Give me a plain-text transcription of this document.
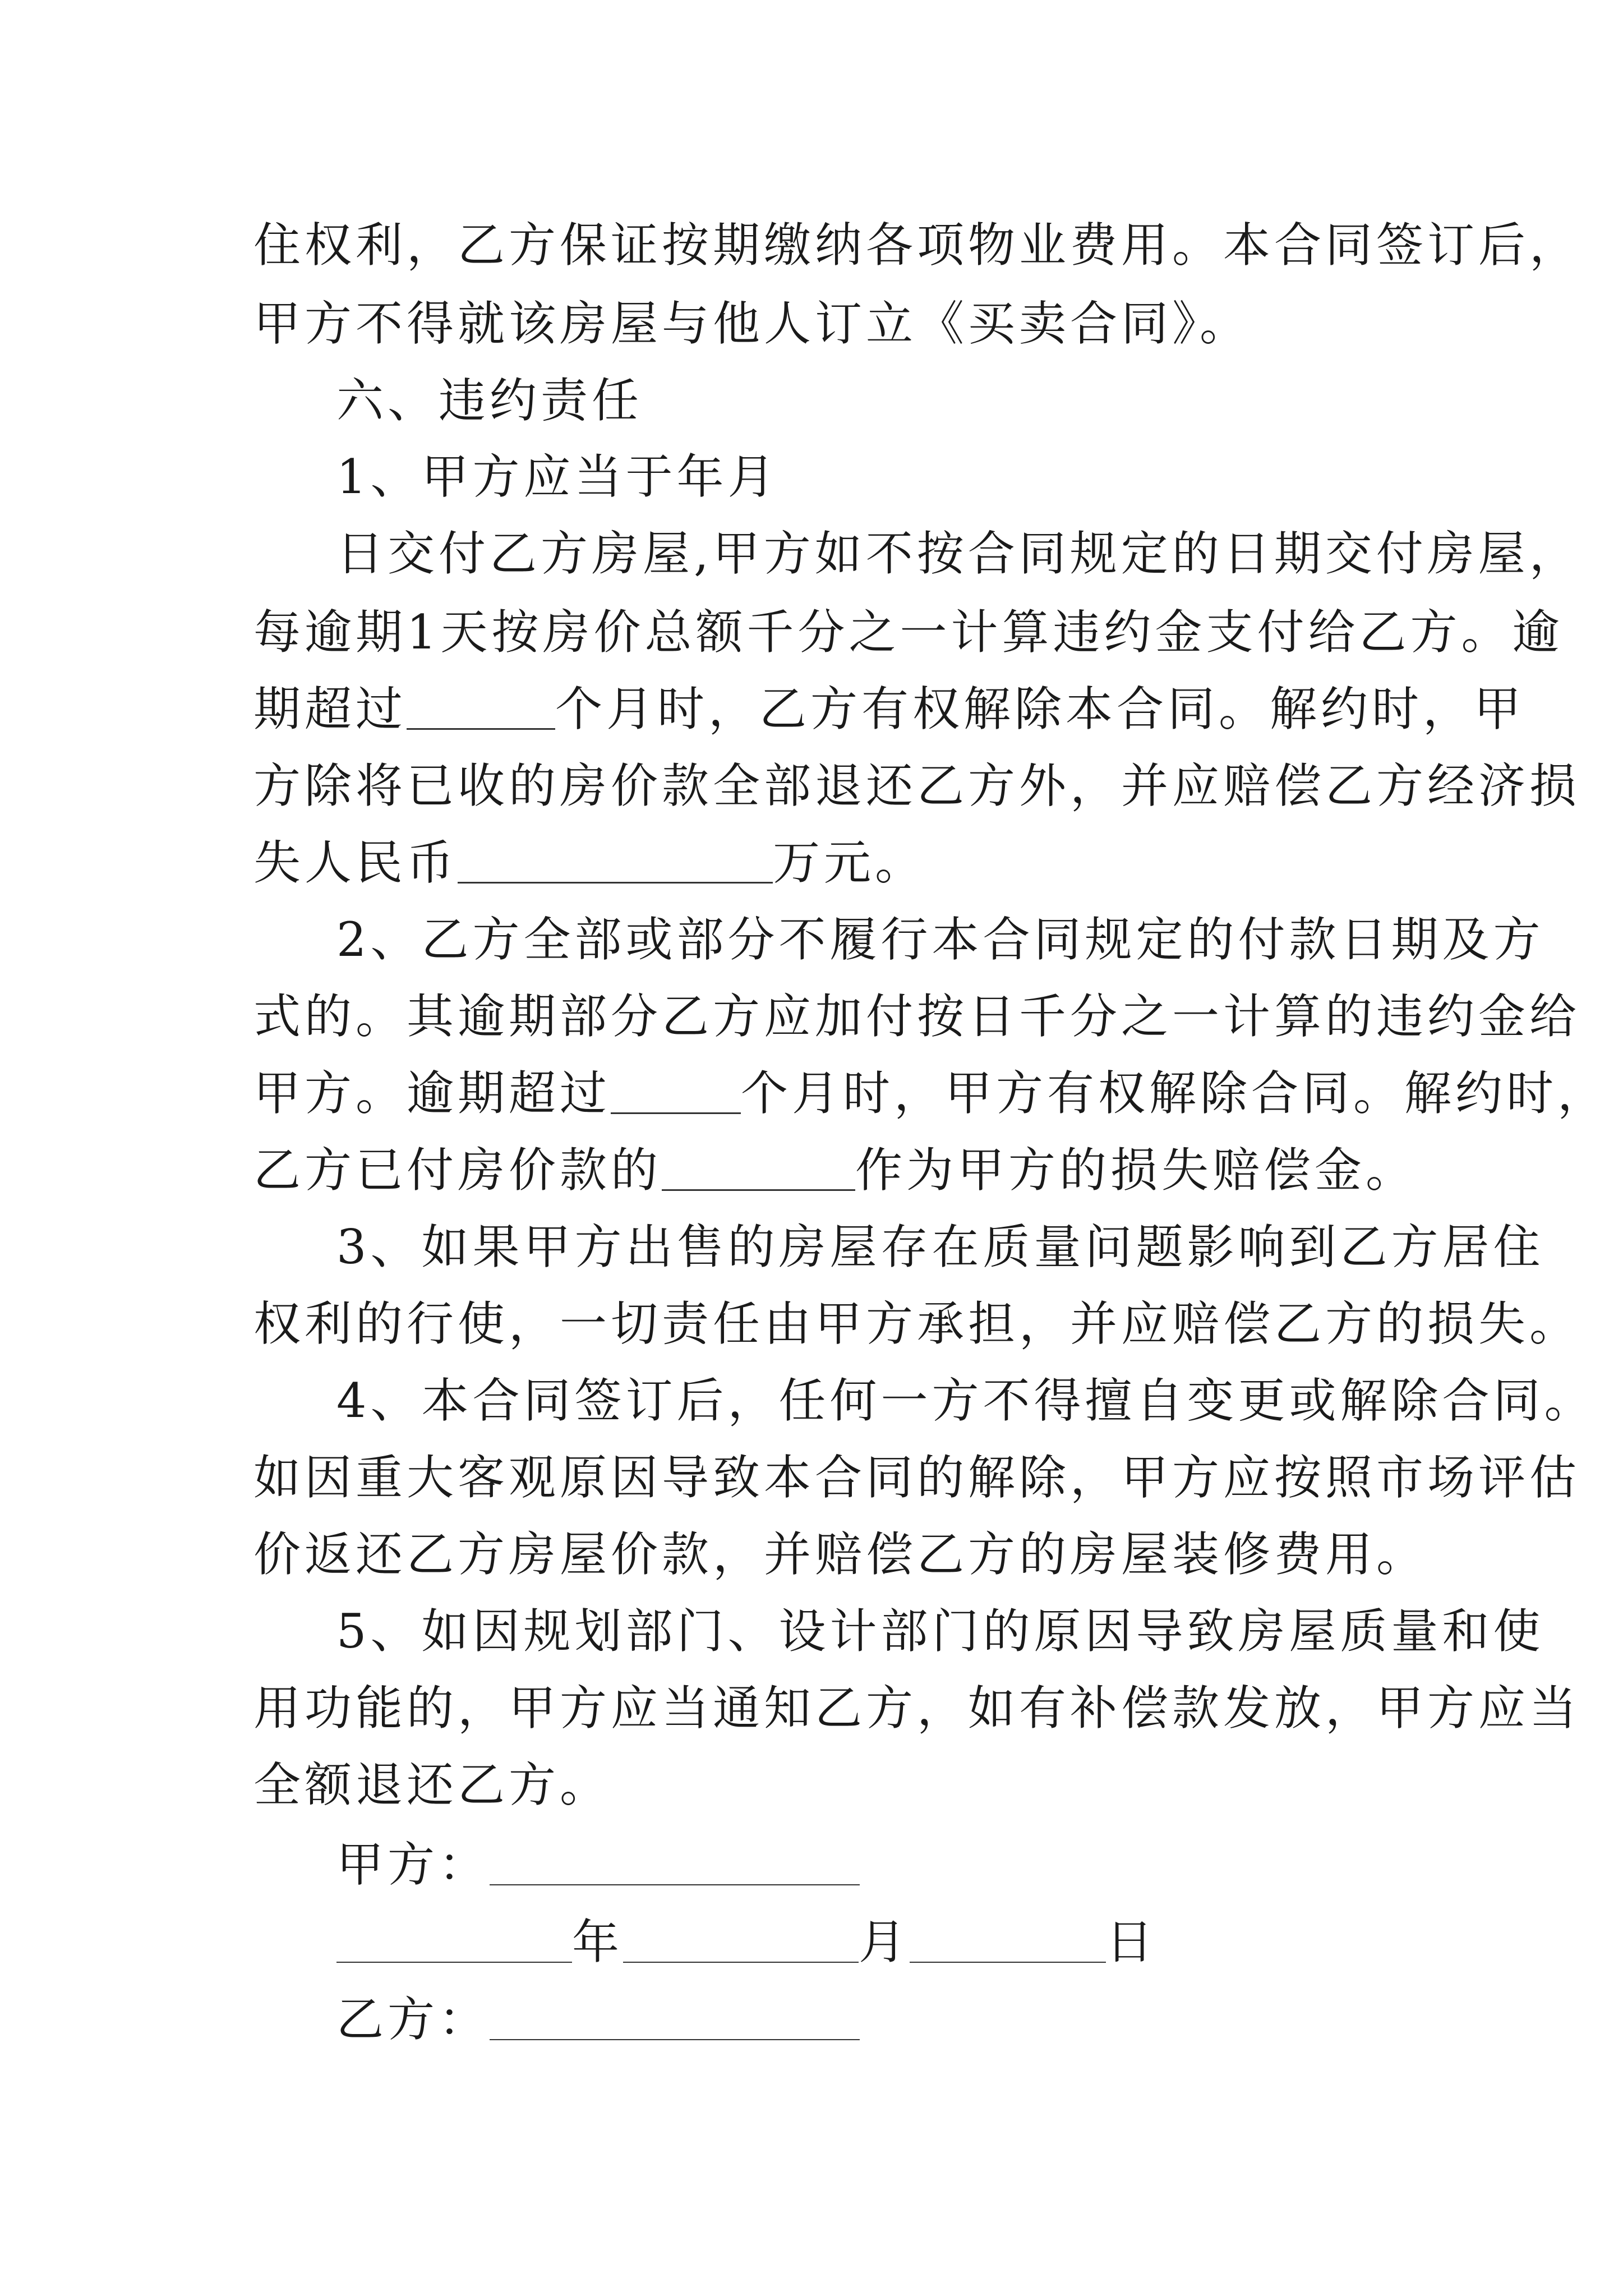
住权利，乙方保证按期缴纳各项物业费用。本合同签订后，
甲方不得就该房屋与他人订立《买卖合同》。
六、违约责任
1、甲方应当于年月
日交付乙方房屋,甲方如不按合同规定的日期交付房屋，
每逾期1天按房价总额千分之一计算违约金支付给乙方。逾
期超过	个月时，乙方有权解除本合同。解约时，甲
方除将已收的房价款全部退还乙方外，并应赔偿乙方经济损
失人民币	万元。
2、乙方全部或部分不履行本合同规定的付款日期及方
式的。其逾期部分乙方应加付按日千分之一计算的违约金给
甲方。逾期超过	个月时，甲方有权解除合同。解约时，
乙方已付房价款的	作为甲方的损失赔偿金。
3、如果甲方出售的房屋存在质量问题影响到乙方居住
权利的行使，一切责任由甲方承担，并应赔偿乙方的损失。
4、本合同签订后，任何一方不得擅自变更或解除合同。
如因重大客观原因导致本合同的解除，甲方应按照市场评估
价返还乙方房屋价款，并赔偿乙方的房屋装修费用。
5、如因规划部门、设计部门的原因导致房屋质量和使
用功能的，甲方应当通知乙方，如有补偿款发放，甲方应当
全额退还乙方。
甲方：
年	月	日
乙方：
